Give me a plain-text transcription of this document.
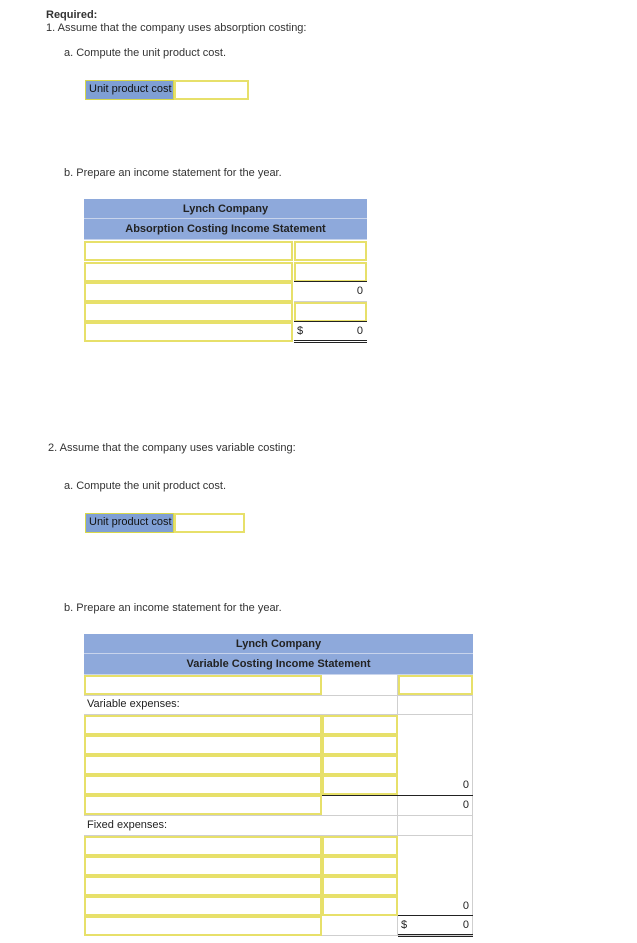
Required:
1. Assume that the company uses absorption costing:
a. Compute the unit product cost.
Unit product cost
b. Prepare an income statement for the year.
Lynch Company
Absorption Costing Income Statement
0
$	0
2. Assume that the company uses variable costing:
a. Compute the unit product cost.
Unit product cost
b. Prepare an income statement for the year.
Lynch Company
Variable Costing Income Statement
Variable expenses:
0
0
Fixed expenses:
0
$	0
